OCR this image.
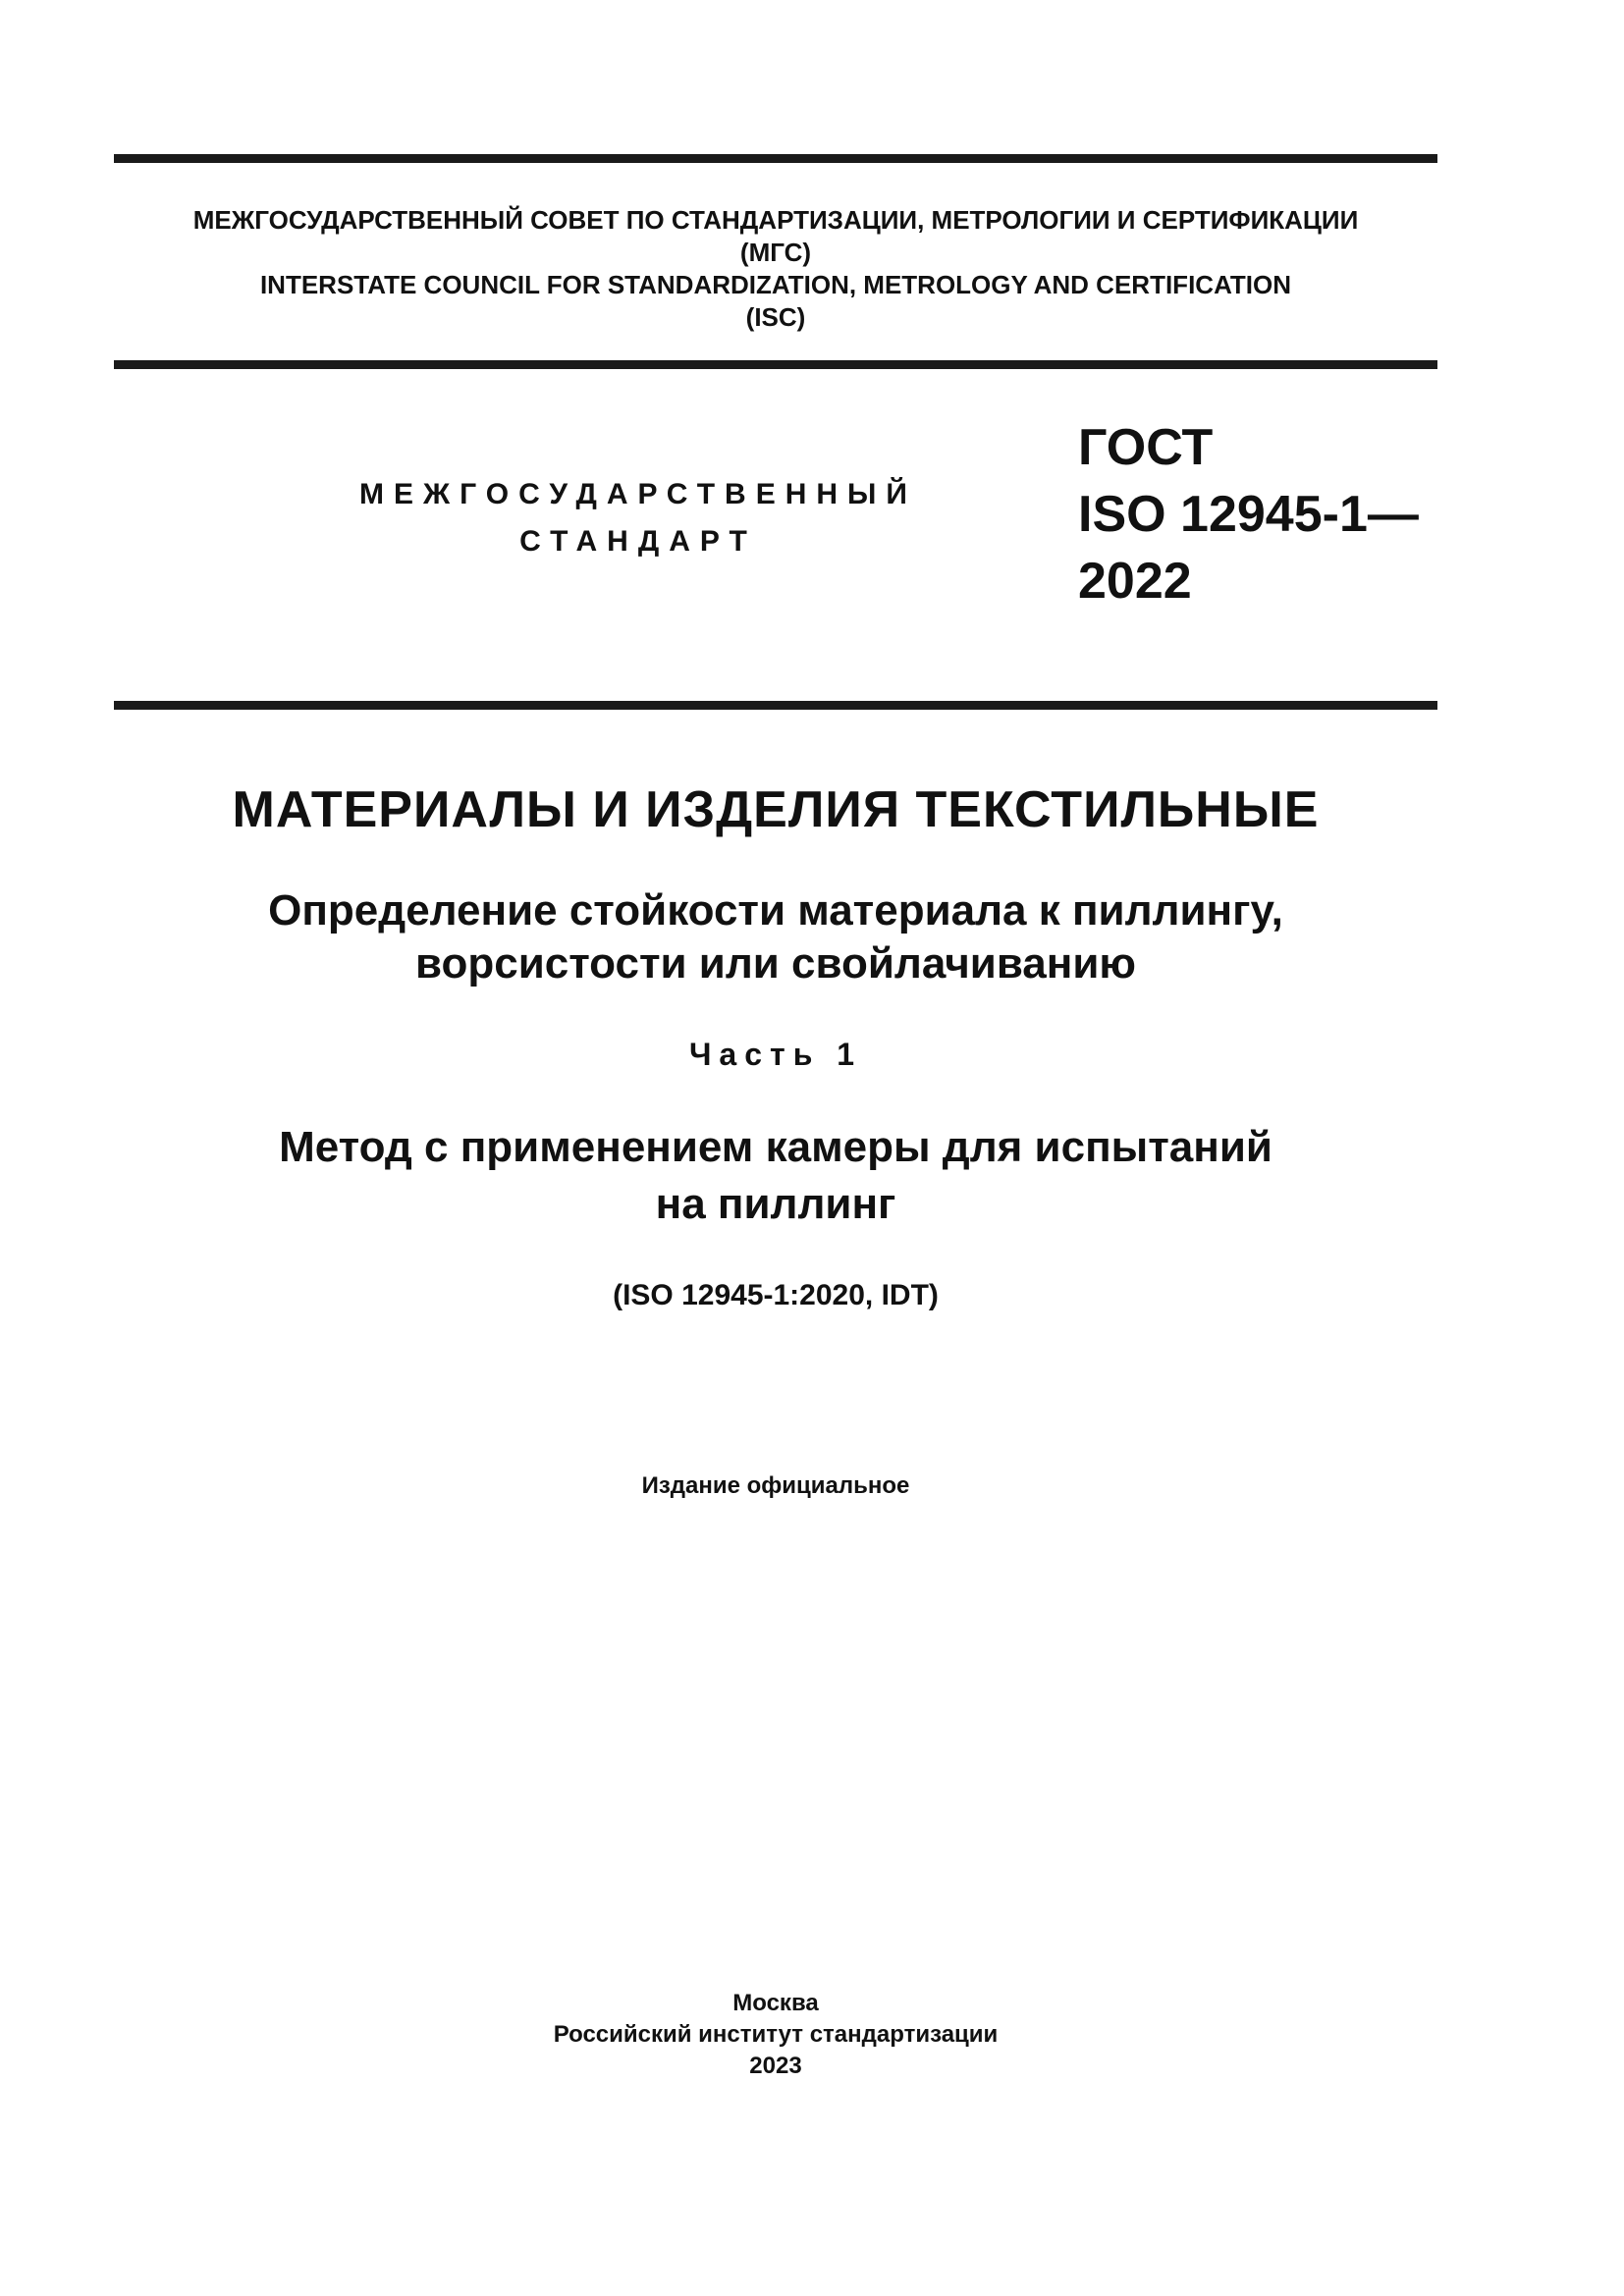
МЕЖГОСУДАРСТВЕННЫЙ СОВЕТ ПО СТАНДАРТИЗАЦИИ, МЕТРОЛОГИИ И СЕРТИФИКАЦИИ
(МГС)
INTERSTATE COUNCIL FOR STANDARDIZATION, METROLOGY AND CERTIFICATION
(ISC)
МЕЖГОСУДАРСТВЕННЫЙ
СТАНДАРТ
ГОСТ
ISO 12945-1—
2022
МАТЕРИАЛЫ И ИЗДЕЛИЯ ТЕКСТИЛЬНЫЕ
Определение стойкости материала к пиллингу,
ворсистости или свойлачиванию
Часть 1
Метод с применением камеры для испытаний
на пиллинг
(ISO 12945-1:2020, IDT)
Издание официальное
Москва
Российский институт стандартизации
2023
